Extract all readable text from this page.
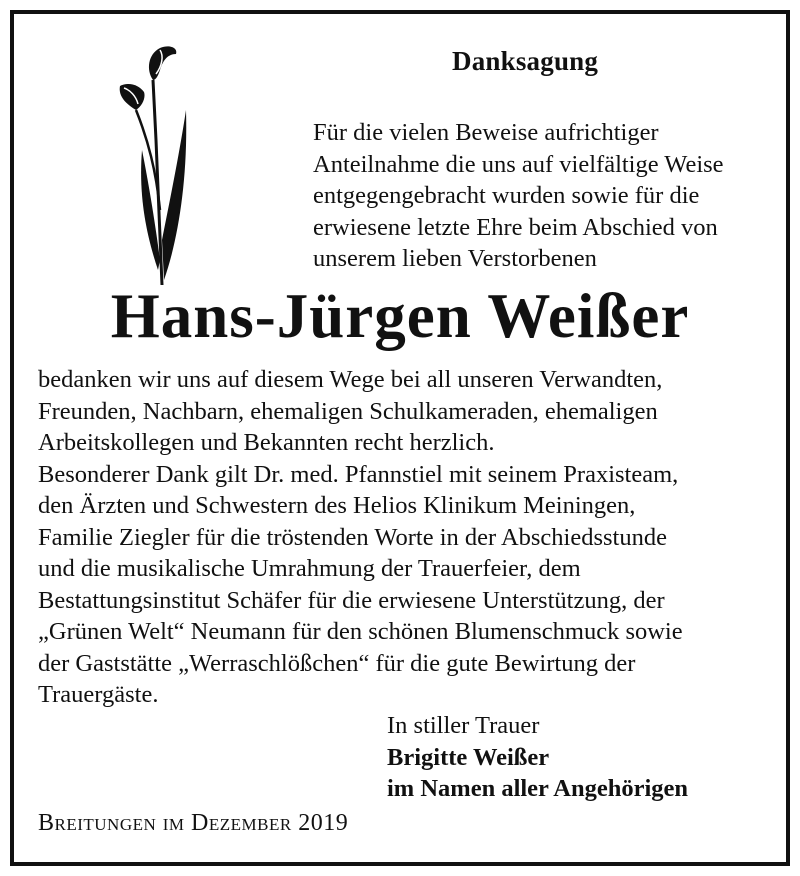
Danksagung
Für die vielen Beweise aufrichtiger
Anteilnahme die uns auf vielfältige Weise
entgegengebracht wurden sowie für die
erwiesene letzte Ehre beim Abschied von
unserem lieben Verstorbenen
Hans-Jürgen Weißer
bedanken wir uns auf diesem Wege bei all unseren Verwandten,
Freunden, Nachbarn, ehemaligen Schulkameraden, ehemaligen
Arbeitskollegen und Bekannten recht herzlich.
Besonderer Dank gilt Dr. med. Pfannstiel mit seinem Praxisteam,
den Ärzten und Schwestern des Helios Klinikum Meiningen,
Familie Ziegler für die tröstenden Worte in der Abschiedsstunde
und die musikalische Umrahmung der Trauerfeier, dem
Bestattungsinstitut Schäfer für die erwiesene Unterstützung, der
„Grünen Welt“ Neumann für den schönen Blumenschmuck sowie
der Gaststätte „Werraschlößchen“ für die gute Bewirtung der
Trauergäste.
In stiller Trauer
Brigitte Weißer
im Namen aller Angehörigen
Breitungen im Dezember 2019
